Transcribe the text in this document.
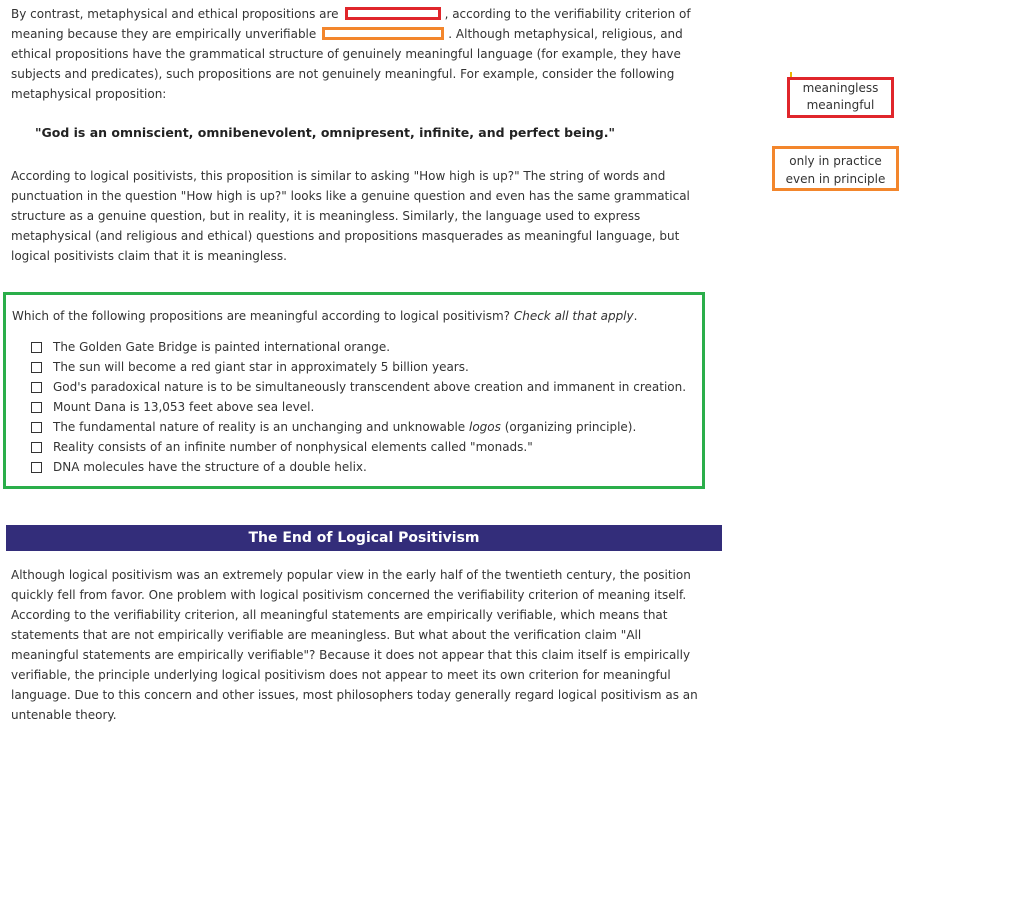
By contrast, metaphysical and ethical propositions are	, according to the verifiability criterion of meaning because they are empirically unverifiable	. Although metaphysical, religious, and ethical propositions have the grammatical structure of genuinely meaningful language (for example, they have subjects and predicates), such propositions are not genuinely meaningful. For example, consider the following metaphysical proposition:

"God is an omniscient, omnibenevolent, omnipresent, infinite, and perfect being."

According to logical positivists, this proposition is similar to asking "How high is up?" The string of words and punctuation in the question "How high is up?" looks like a genuine question and even has the same grammatical structure as a genuine question, but in reality, it is meaningless. Similarly, the language used to express metaphysical (and religious and ethical) questions and propositions masquerades as meaningful language, but logical positivists claim that it is meaningless.

meaningless
meaningful
only in practice
even in principle

Which of the following propositions are meaningful according to logical positivism? Check all that apply.

The Golden Gate Bridge is painted international orange.
The sun will become a red giant star in approximately 5 billion years.
God's paradoxical nature is to be simultaneously transcendent above creation and immanent in creation.
Mount Dana is 13,053 feet above sea level.
The fundamental nature of reality is an unchanging and unknowable logos (organizing principle).
Reality consists of an infinite number of nonphysical elements called "monads."
DNA molecules have the structure of a double helix.
The End of Logical Positivism

Although logical positivism was an extremely popular view in the early half of the twentieth century, the position quickly fell from favor. One problem with logical positivism concerned the verifiability criterion of meaning itself. According to the verifiability criterion, all meaningful statements are empirically verifiable, which means that statements that are not empirically verifiable are meaningless. But what about the verification claim "All meaningful statements are empirically verifiable"? Because it does not appear that this claim itself is empirically verifiable, the principle underlying logical positivism does not appear to meet its own criterion for meaningful language. Due to this concern and other issues, most philosophers today generally regard logical positivism as an untenable theory.
